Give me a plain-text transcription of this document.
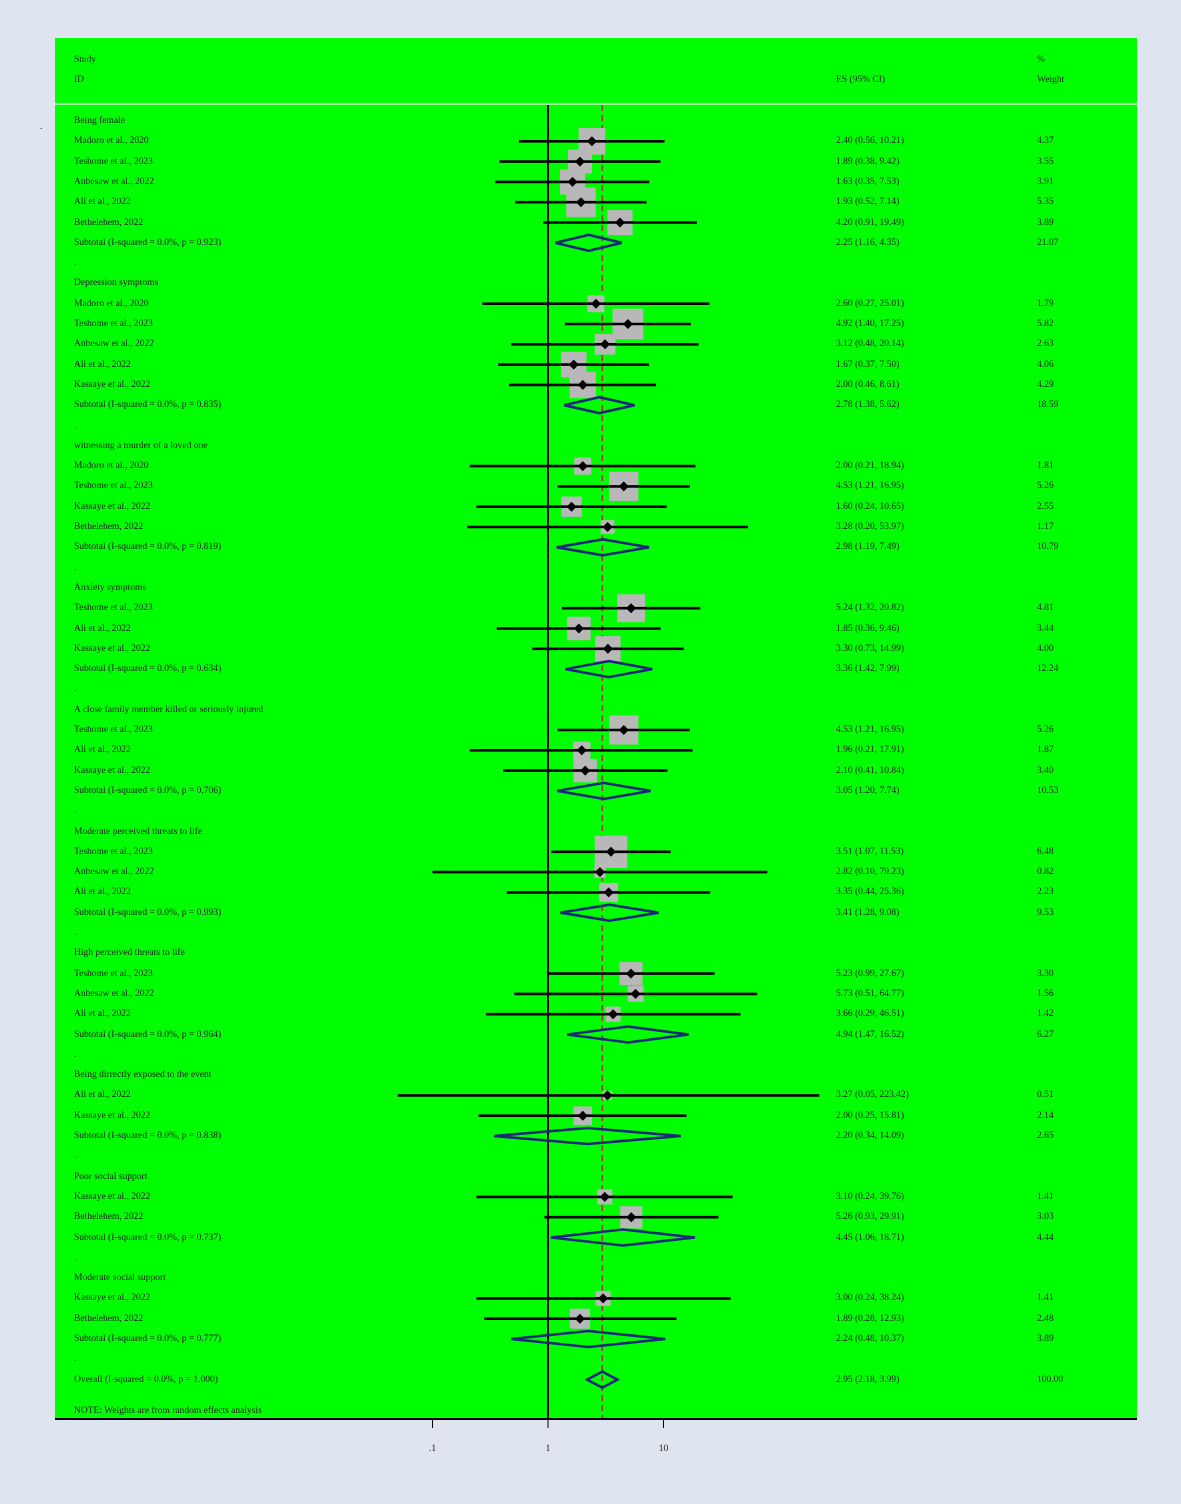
.
Study
ID	ES (95% CI)
%
Weight
Being female
Madoro et al., 2020	2.40 (0.56, 10.21)	4.37
Teshome et al., 2023	1.89 (0.38, 9.42)	3.55
Anbesaw et al., 2022	1.63 (0.35, 7.53)	3.91
Ali et al., 2022	1.93 (0.52, 7.14)	5.35
Bethelehem, 2022	4.20 (0.91, 19.49)	3.89
Subtotal (I-squared = 0.0%, p = 0.923)	2.25 (1.16, 4.35)	21.07
.
Depression symptoms
Madoro et al., 2020	2.60 (0.27, 25.01)	1.79
Teshome et al., 2023	4.92 (1.40, 17.25)	5.82
Anbesaw et al., 2022	3.12 (0.48, 20.14)	2.63
Ali et al., 2022	1.67 (0.37, 7.50)	4.06
Kassaye et al., 2022	2.00 (0.46, 8.61)	4.29
Subtotal (I-squared = 0.0%, p = 0.835)	2.78 (1.38, 5.62)	18.59
.
witnessing a murder of a loved one
Madoro et al., 2020	2.00 (0.21, 18.94)	1.81
Teshome et al., 2023	4.53 (1.21, 16.95)	5.26
Kassaye et al., 2022	1.60 (0.24, 10.65)	2.55
Bethelehem, 2022	3.28 (0.20, 53.97)	1.17
Subtotal (I-squared = 0.0%, p = 0.819)	2.98 (1.19, 7.49)	10.79
.
Anxiety symptoms
Teshome et al., 2023	5.24 (1.32, 20.82)	4.81
Ali et al., 2022	1.85 (0.36, 9.46)	3.44
Kassaye et al., 2022	3.30 (0.73, 14.99)	4.00
Subtotal (I-squared = 0.0%, p = 0.634)	3.36 (1.42, 7.99)	12.24
.
A close family member killed or seriously injured
Teshome et al., 2023	4.53 (1.21, 16.95)	5.26
Ali et al., 2022	1.96 (0.21, 17.91)	1.87
Kassaye et al., 2022	2.10 (0.41, 10.84)	3.40
Subtotal (I-squared = 0.0%, p = 0.706)	3.05 (1.20, 7.74)	10.53
.
Moderate perceived threats to life
Teshome et al., 2023	3.51 (1.07, 11.53)	6.48
Anbesaw et al., 2022	2.82 (0.10, 79.23)	0.82
Ali et al., 2022	3.35 (0.44, 25.36)	2.23
Subtotal (I-squared = 0.0%, p = 0.993)	3.41 (1.28, 9.08)	9.53
.
High perceived threats to life
Teshome et al., 2023	5.23 (0.99, 27.67)	3.30
Anbesaw et al., 2022	5.73 (0.51, 64.77)	1.56
Ali et al., 2022	3.66 (0.29, 46.51)	1.42
Subtotal (I-squared = 0.0%, p = 0.964)	4.94 (1.47, 16.52)	6.27
.
Being dirrectly exposed to the event
Ali et al., 2022	3.27 (0.05, 223.42)	0.51
Kassaye et al., 2022	2.00 (0.25, 15.81)	2.14
Subtotal (I-squared = 0.0%, p = 0.838)	2.20 (0.34, 14.09)	2.65
.
Poor social support
Kassaye et al., 2022	3.10 (0.24, 39.76)	1.41
Bethelehem, 2022	5.26 (0.93, 29.91)	3.03
Subtotal (I-squared = 0.0%, p = 0.737)	4.45 (1.06, 18.71)	4.44
.
Moderate social support
Kassaye et al., 2022	3.00 (0.24, 38.24)	1.41
Bethelehem, 2022	1.89 (0.28, 12.93)	2.48
Subtotal (I-squared = 0.0%, p = 0.777)	2.24 (0.48, 10.37)	3.89
.
Overall (I-squared = 0.0%, p = 1.000)	2.95 (2.18, 3.99)	100.00
NOTE: Weights are from random effects analysis
.1	1	10
